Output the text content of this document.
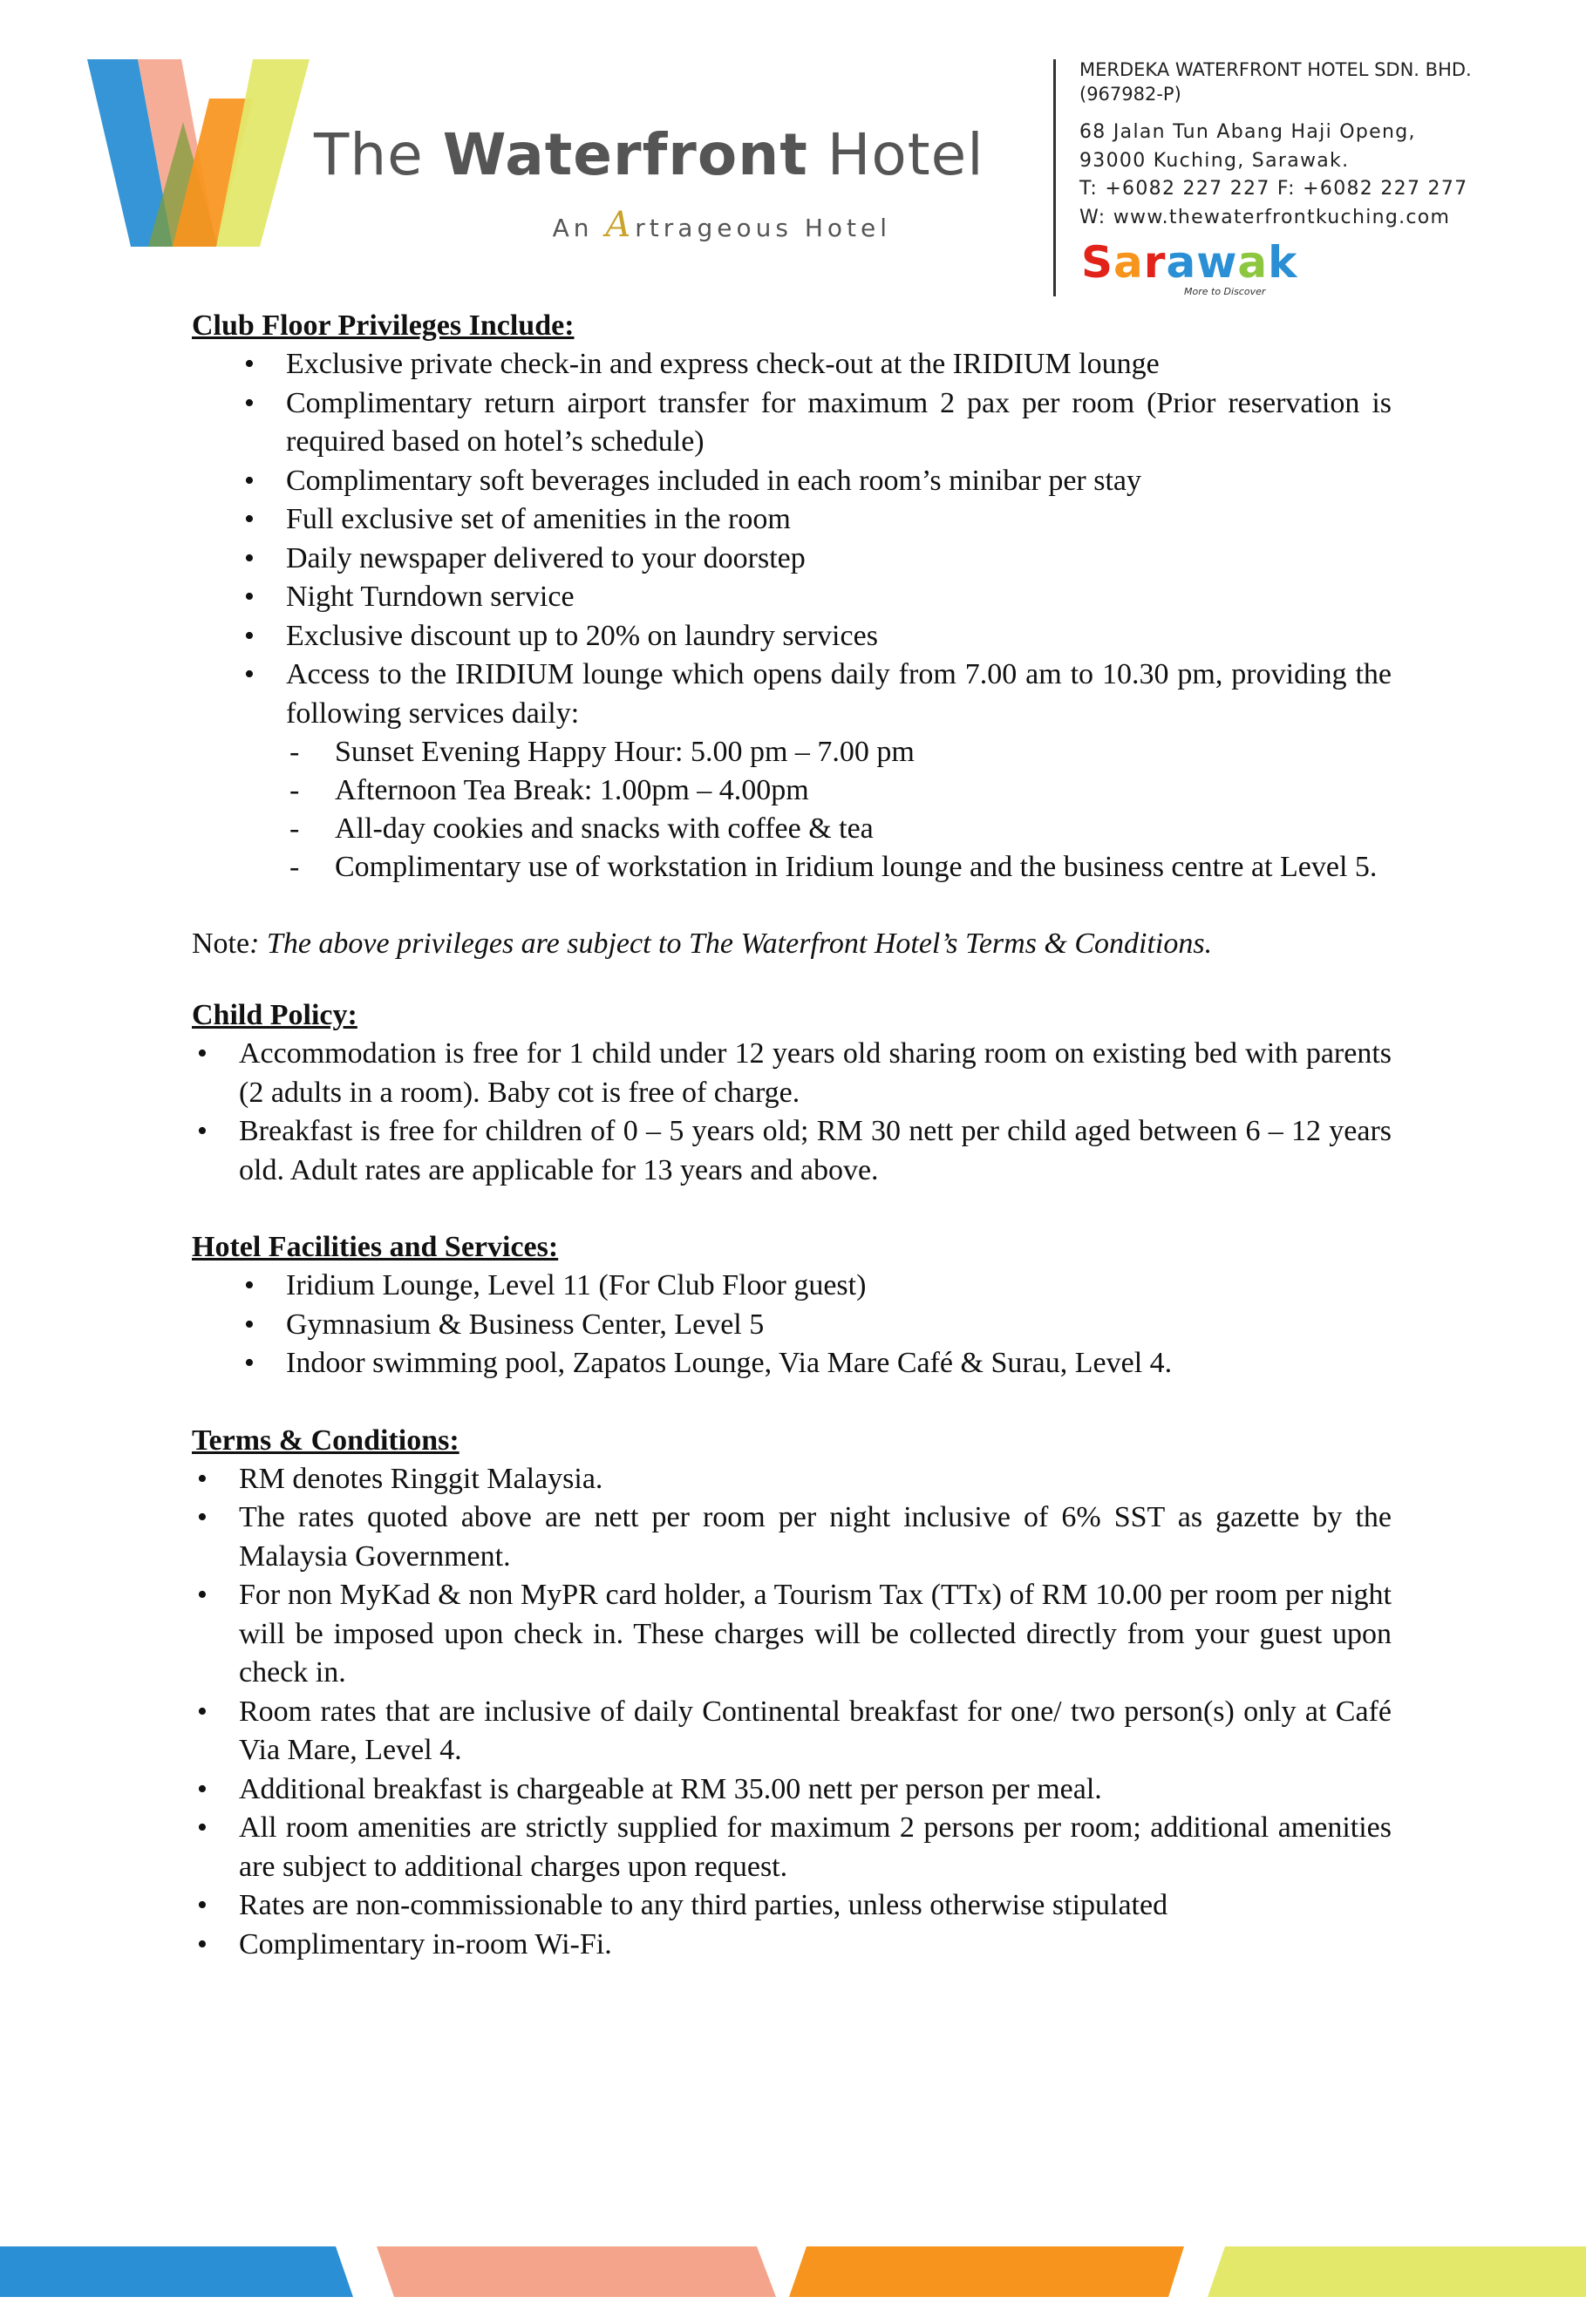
The Waterfront Hotel
An Artrageous Hotel
MERDEKA WATERFRONT HOTEL SDN. BHD.
(967982-P)
68 Jalan Tun Abang Haji Openg,
93000 Kuching, Sarawak.
T: +6082 227 227 F: +6082 227 277
W: www.thewaterfrontkuching.com
Sarawak
More to Discover
Club Floor Privileges Include:
• Exclusive private check-in and express check-out at the IRIDIUM lounge
• Complimentary return airport transfer for maximum 2 pax per room (Prior reservation is required based on hotel’s schedule)
• Complimentary soft beverages included in each room’s minibar per stay
• Full exclusive set of amenities in the room
• Daily newspaper delivered to your doorstep
• Night Turndown service
• Exclusive discount up to 20% on laundry services
• Access to the IRIDIUM lounge which opens daily from 7.00 am to 10.30 pm, providing the following services daily:
- Sunset Evening Happy Hour: 5.00 pm – 7.00 pm
- Afternoon Tea Break: 1.00pm – 4.00pm
- All-day cookies and snacks with coffee & tea
- Complimentary use of workstation in Iridium lounge and the business centre at Level 5.
Note: The above privileges are subject to The Waterfront Hotel’s Terms & Conditions.
Child Policy:
• Accommodation is free for 1 child under 12 years old sharing room on existing bed with parents (2 adults in a room). Baby cot is free of charge.
• Breakfast is free for children of 0 – 5 years old; RM 30 nett per child aged between 6 – 12 years old. Adult rates are applicable for 13 years and above.
Hotel Facilities and Services:
• Iridium Lounge, Level 11 (For Club Floor guest)
• Gymnasium & Business Center, Level 5
• Indoor swimming pool, Zapatos Lounge, Via Mare Café & Surau, Level 4.
Terms & Conditions:
• RM denotes Ringgit Malaysia.
• The rates quoted above are nett per room per night inclusive of 6% SST as gazette by the Malaysia Government.
• For non MyKad & non MyPR card holder, a Tourism Tax (TTx) of RM 10.00 per room per night will be imposed upon check in. These charges will be collected directly from your guest upon check in.
• Room rates that are inclusive of daily Continental breakfast for one/ two person(s) only at Café Via Mare, Level 4.
• Additional breakfast is chargeable at RM 35.00 nett per person per meal.
• All room amenities are strictly supplied for maximum 2 persons per room; additional amenities are subject to additional charges upon request.
• Rates are non-commissionable to any third parties, unless otherwise stipulated
• Complimentary in-room Wi-Fi.
